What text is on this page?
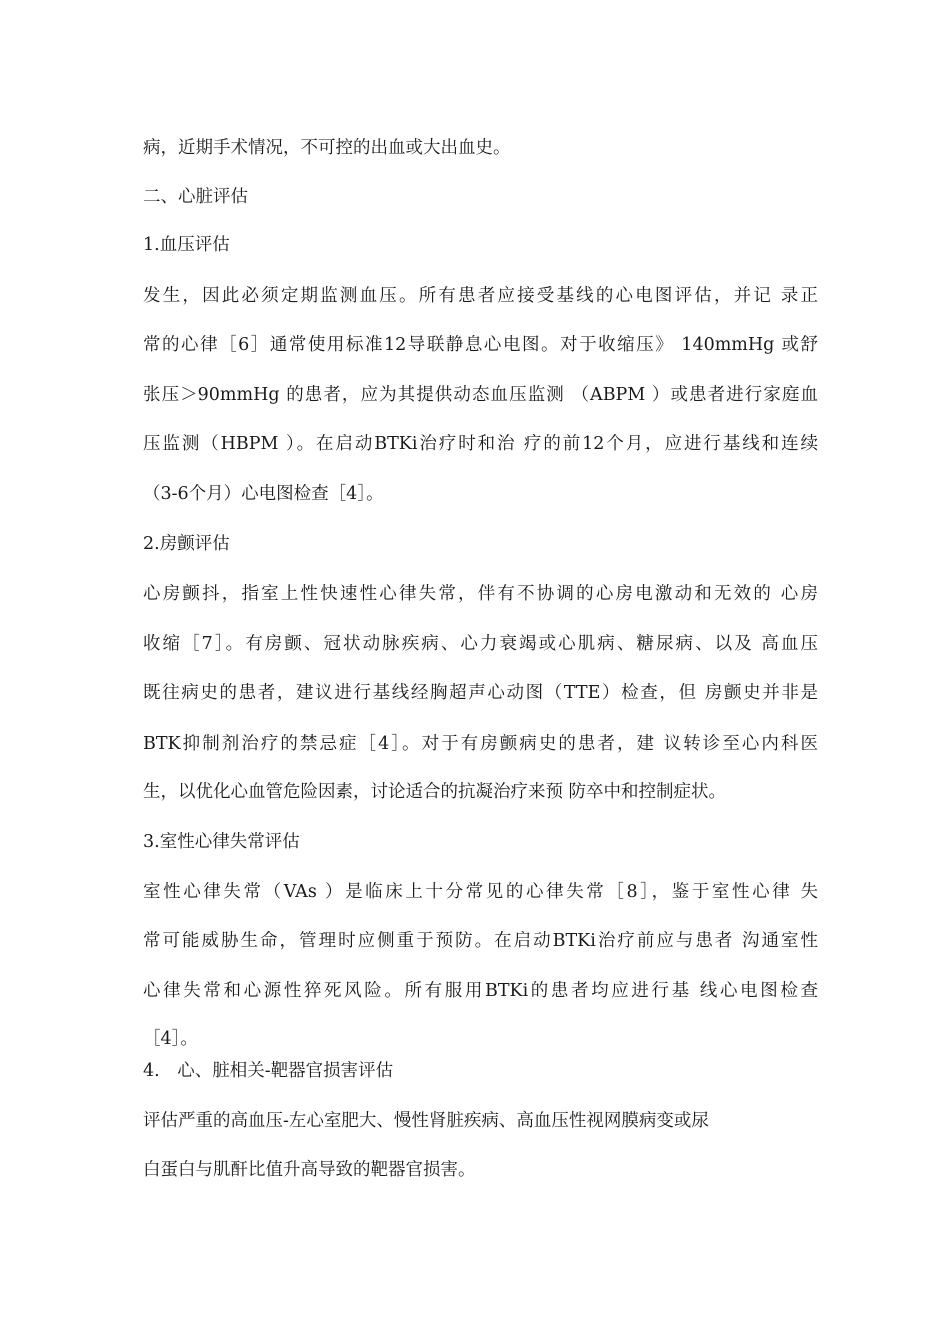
病，近期手术情况，不可控的出血或大出血史。
二、心脏评估
1.血压评估
发生，因此必须定期监测血压。所有患者应接受基线的心电图评估，并记 录正
常的心律［6］通常使用标准12导联静息心电图。对于收缩压》 140mmHg 或舒
张压＞90mmHg 的患者，应为其提供动态血压监测 （ABPM ）或患者进行家庭血
压监测（HBPM ）。在启动BTKi治疗时和治 疗的前12个月，应进行基线和连续
（3-6个月）心电图检查［4］。
2.房颤评估
心房颤抖，指室上性快速性心律失常，伴有不协调的心房电激动和无效的 心房
收缩［7］。有房颤、冠状动脉疾病、心力衰竭或心肌病、糖尿病、以及 高血压
既往病史的患者，建议进行基线经胸超声心动图（TTE）检查，但 房颤史并非是
BTK抑制剂治疗的禁忌症［4］。对于有房颤病史的患者，建 议转诊至心内科医
生，以优化心血管危险因素，讨论适合的抗凝治疗来预 防卒中和控制症状。
3.室性心律失常评估
室性心律失常（VAs ）是临床上十分常见的心律失常［8］，鉴于室性心律 失
常可能威胁生命，管理时应侧重于预防。在启动BTKi治疗前应与患者 沟通室性
心律失常和心源性猝死风险。所有服用BTKi的患者均应进行基 线心电图检查
［4］。
4.　心、脏相关-靶器官损害评估
评估严重的高血压-左心室肥大、慢性肾脏疾病、高血压性视网膜病变或尿
白蛋白与肌酐比值升高导致的靶器官损害。
